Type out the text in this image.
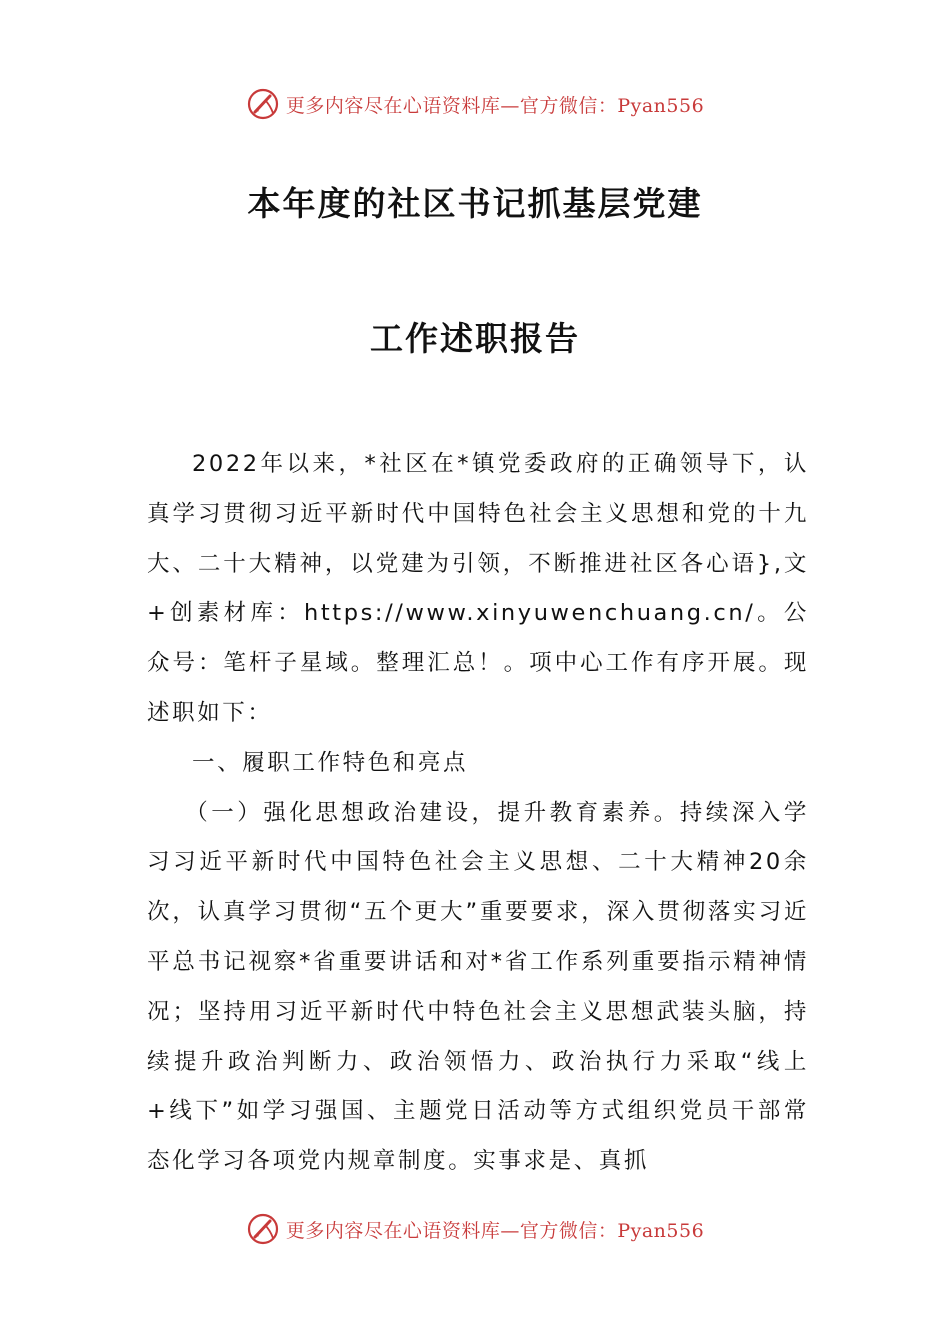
更多内容尽在心语资料库—官方微信：Pyan556
本年度的社区书记抓基层党建
工作述职报告

2022年以来，*社区在*镇党委政府的正确领导下，认真学习贯彻习近平新时代中国特色社会主义思想和党的十九大、二十大精神，以党建为引领，不断推进社区各心语},文+创素材库：https://www.xinyuwenchuang.cn/。公众号：笔杆子星域。整理汇总！。项中心工作有序开展。现述职如下：

一、履职工作特色和亮点

（一）强化思想政治建设，提升教育素养。持续深入学习习近平新时代中国特色社会主义思想、二十大精神20余次，认真学习贯彻“五个更大”重要要求，深入贯彻落实习近平总书记视察*省重要讲话和对*省工作系列重要指示精神情况；坚持用习近平新时代中特色社会主义思想武装头脑，持续提升政治判断力、政治领悟力、政治执行力采取“线上+线下”如学习强国、主题党日活动等方式组织党员干部常态化学习各项党内规章制度。实事求是、真抓

更多内容尽在心语资料库—官方微信：Pyan556
